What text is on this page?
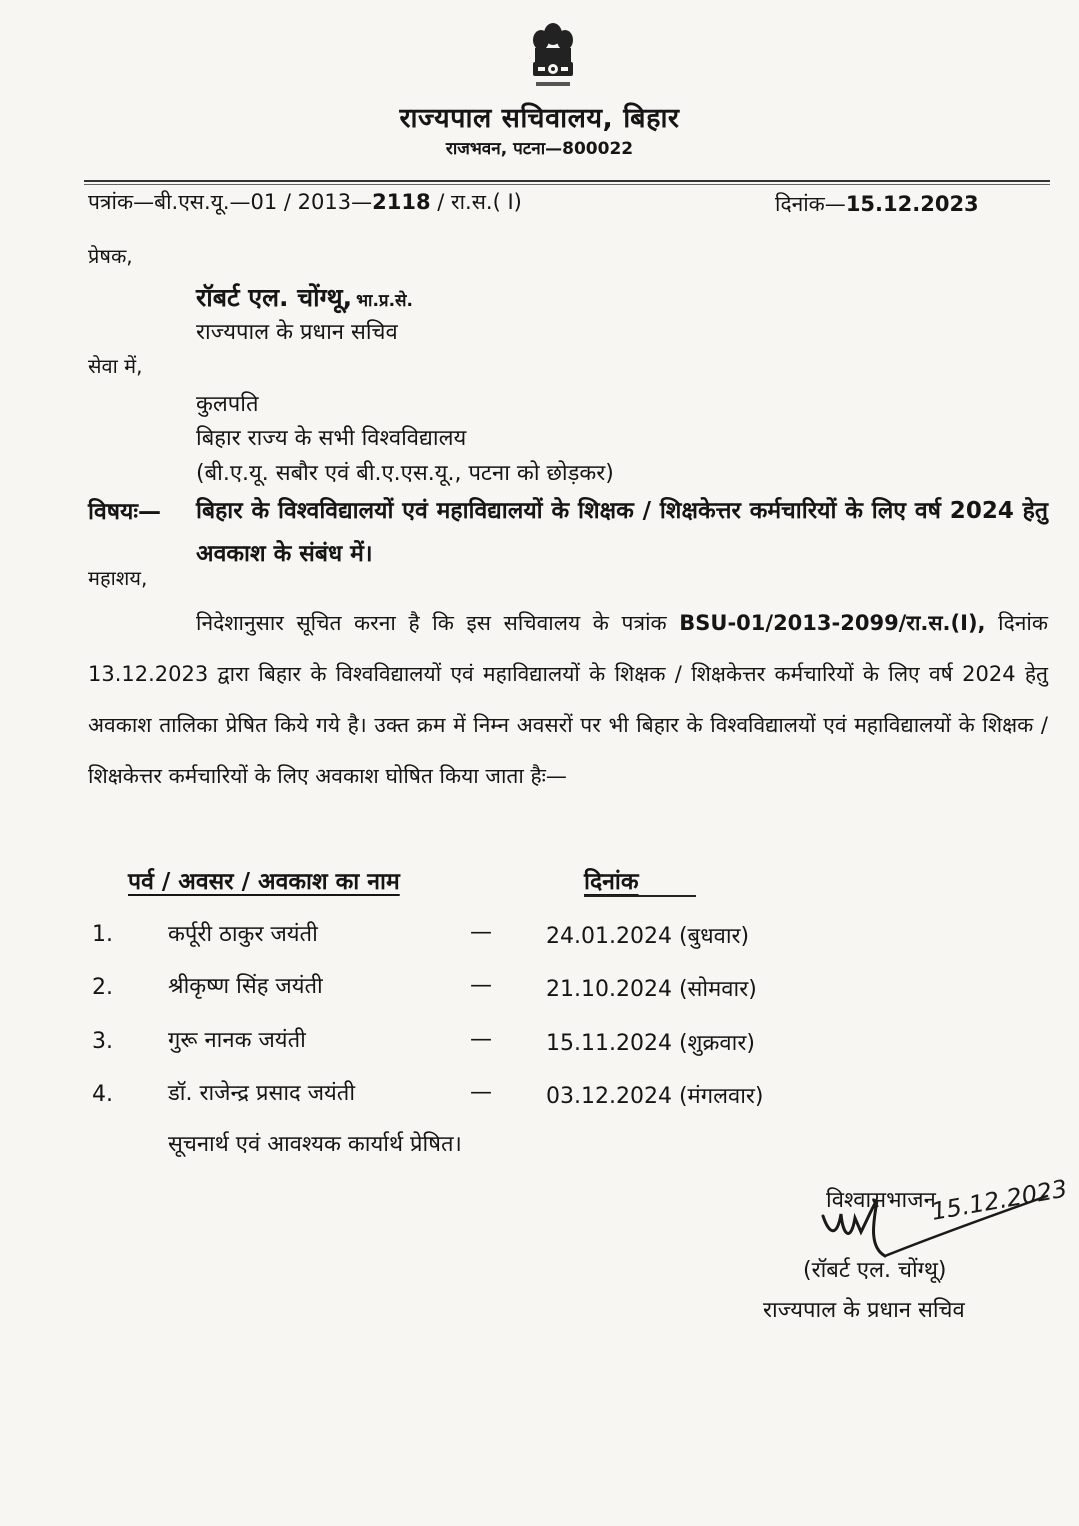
राज्यपाल सचिवालय, बिहार
राजभवन, पटना—800022
पत्रांक—बी.एस.यू.—01 / 2013—2118 / रा.स.( I)	दिनांक—15.12.2023
प्रेषक,
रॉबर्ट एल. चोंग्थू, भा.प्र.से.
राज्यपाल के प्रधान सचिव
सेवा में,
कुलपति
बिहार राज्य के सभी विश्वविद्यालय
(बी.ए.यू. सबौर एवं बी.ए.एस.यू., पटना को छोड़कर)
विषयः— बिहार के विश्वविद्यालयों एवं महाविद्यालयों के शिक्षक / शिक्षकेत्तर कर्मचारियों के लिए वर्ष 2024 हेतु अवकाश के संबंध में।
महाशय,
निदेशानुसार सूचित करना है कि इस सचिवालय के पत्रांक BSU-01/2013-2099/रा.स.(I), दिनांक 13.12.2023 द्वारा बिहार के विश्वविद्यालयों एवं महाविद्यालयों के शिक्षक / शिक्षकेत्तर कर्मचारियों के लिए वर्ष 2024 हेतु अवकाश तालिका प्रेषित किये गये है। उक्त क्रम में निम्न अवसरों पर भी बिहार के विश्वविद्यालयों एवं महाविद्यालयों के शिक्षक / शिक्षकेत्तर कर्मचारियों के लिए अवकाश घोषित किया जाता हैः—
पर्व / अवसर / अवकाश का नाम	दिनांक
1.	कर्पूरी ठाकुर जयंती	— 24.01.2024 (बुधवार)
2.	श्रीकृष्ण सिंह जयंती	— 21.10.2024 (सोमवार)
3.	गुरू नानक जयंती	— 15.11.2024 (शुक्रवार)
4.	डॉ. राजेन्द्र प्रसाद जयंती	— 03.12.2024 (मंगलवार)
सूचनार्थ एवं आवश्यक कार्यार्थ प्रेषित।
विश्वासभाजन
15.12.2023
(रॉबर्ट एल. चोंग्थू)
राज्यपाल के प्रधान सचिव
